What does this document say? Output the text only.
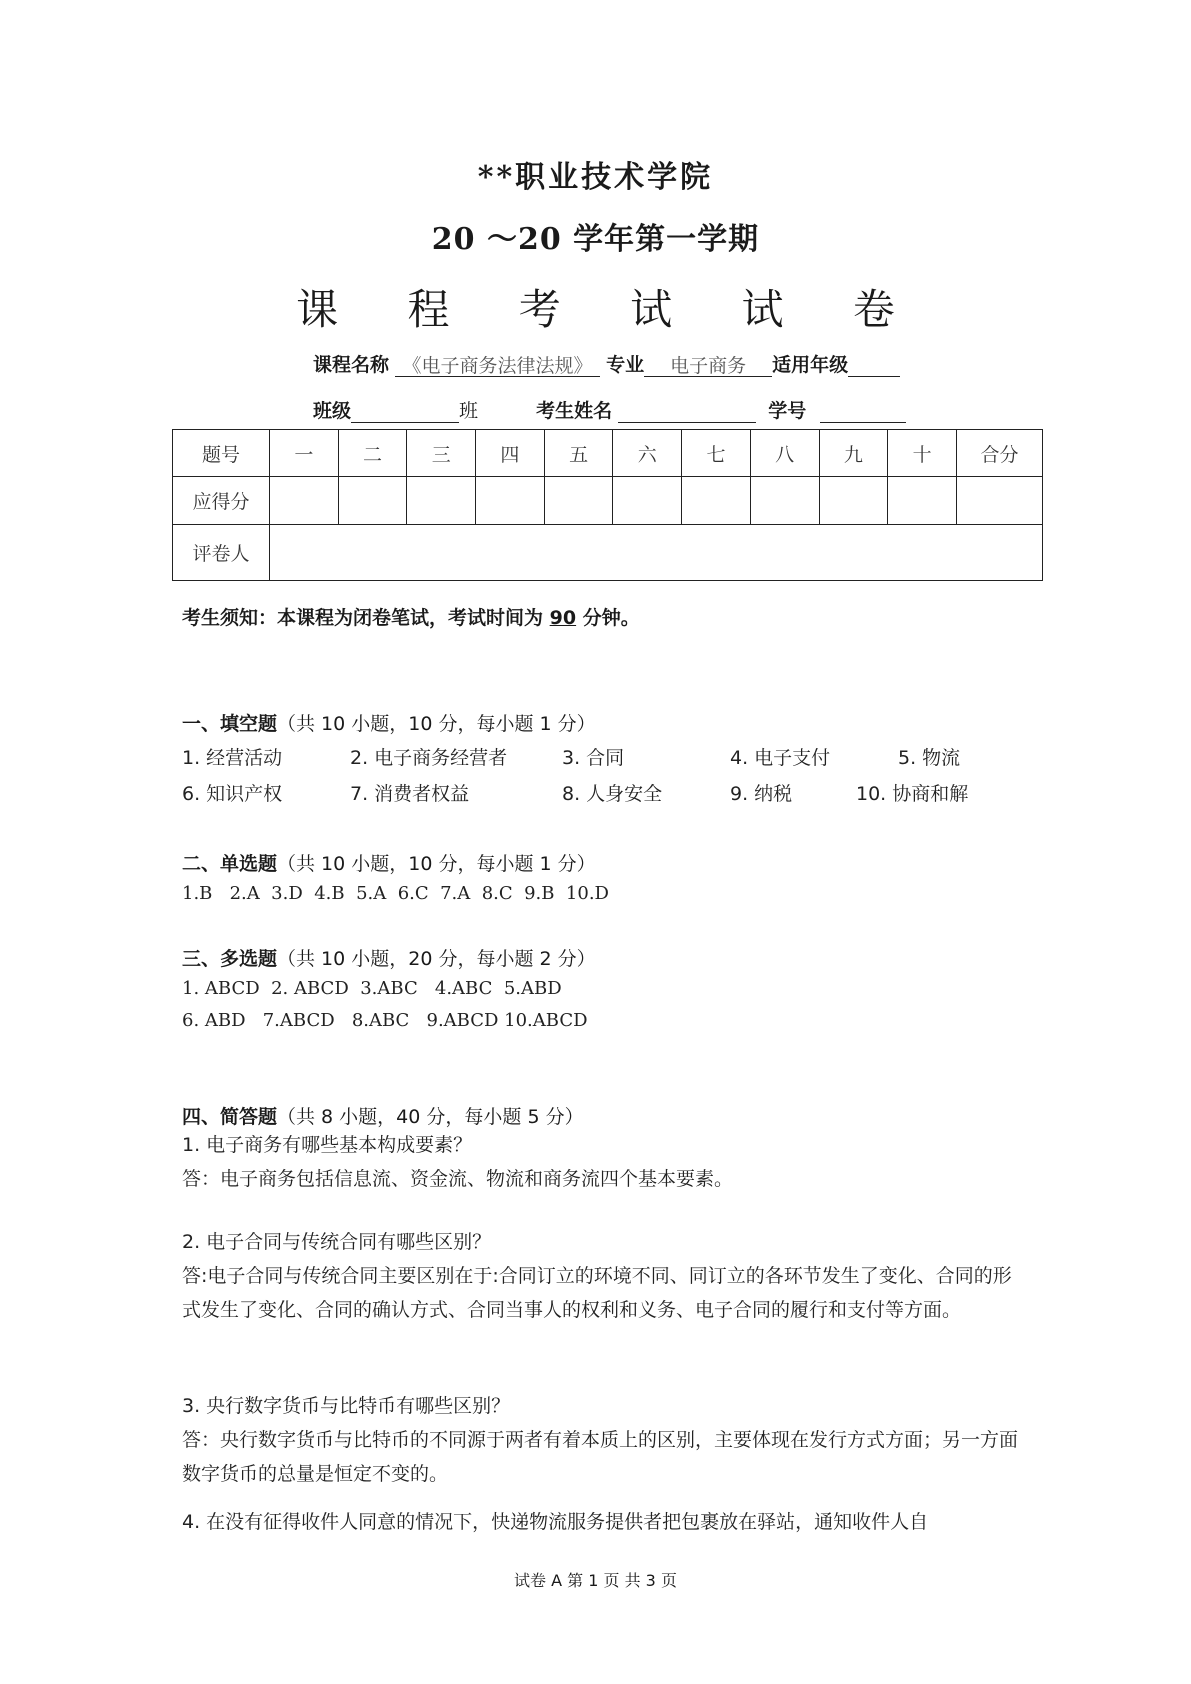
**职业技术学院
20 ～20 学年第一学期
课 程 考 试 试 卷
课程名称 《电子商务法律法规》 专业 电子商务 适用年级
班级	班	考生姓名	学号
题号	一	二	三	四	五	六	七	八	九	十	合分
应得分											
评卷人											
考生须知：本课程为闭卷笔试，考试时间为 90 分钟。
一、填空题（共 10 小题，10 分，每小题 1 分）
1. 经营活动	2. 电子商务经营者	3. 合同	4. 电子支付	5. 物流
6. 知识产权	7. 消费者权益	8. 人身安全	9. 纳税	10. 协商和解
二、单选题（共 10 小题，10 分，每小题 1 分）
1.B   2.A  3.D  4.B  5.A  6.C  7.A  8.C  9.B  10.D
三、多选题（共 10 小题，20 分，每小题 2 分）
1. ABCD  2. ABCD  3.ABC   4.ABC  5.ABD
6. ABD   7.ABCD   8.ABC   9.ABCD 10.ABCD
四、简答题（共 8 小题，40 分，每小题 5 分）
1. 电子商务有哪些基本构成要素？
答：电子商务包括信息流、资金流、物流和商务流四个基本要素。
2. 电子合同与传统合同有哪些区别？
答:电子合同与传统合同主要区别在于:合同订立的环境不同、同订立的各环节发生了变化、合同的形式发生了变化、合同的确认方式、合同当事人的权利和义务、电子合同的履行和支付等方面。
3. 央行数字货币与比特币有哪些区别？
答：央行数字货币与比特币的不同源于两者有着本质上的区别，主要体现在发行方式方面；另一方面数字货币的总量是恒定不变的。
4. 在没有征得收件人同意的情况下，快递物流服务提供者把包裹放在驿站，通知收件人自
试卷 A 第 1 页 共 3 页
